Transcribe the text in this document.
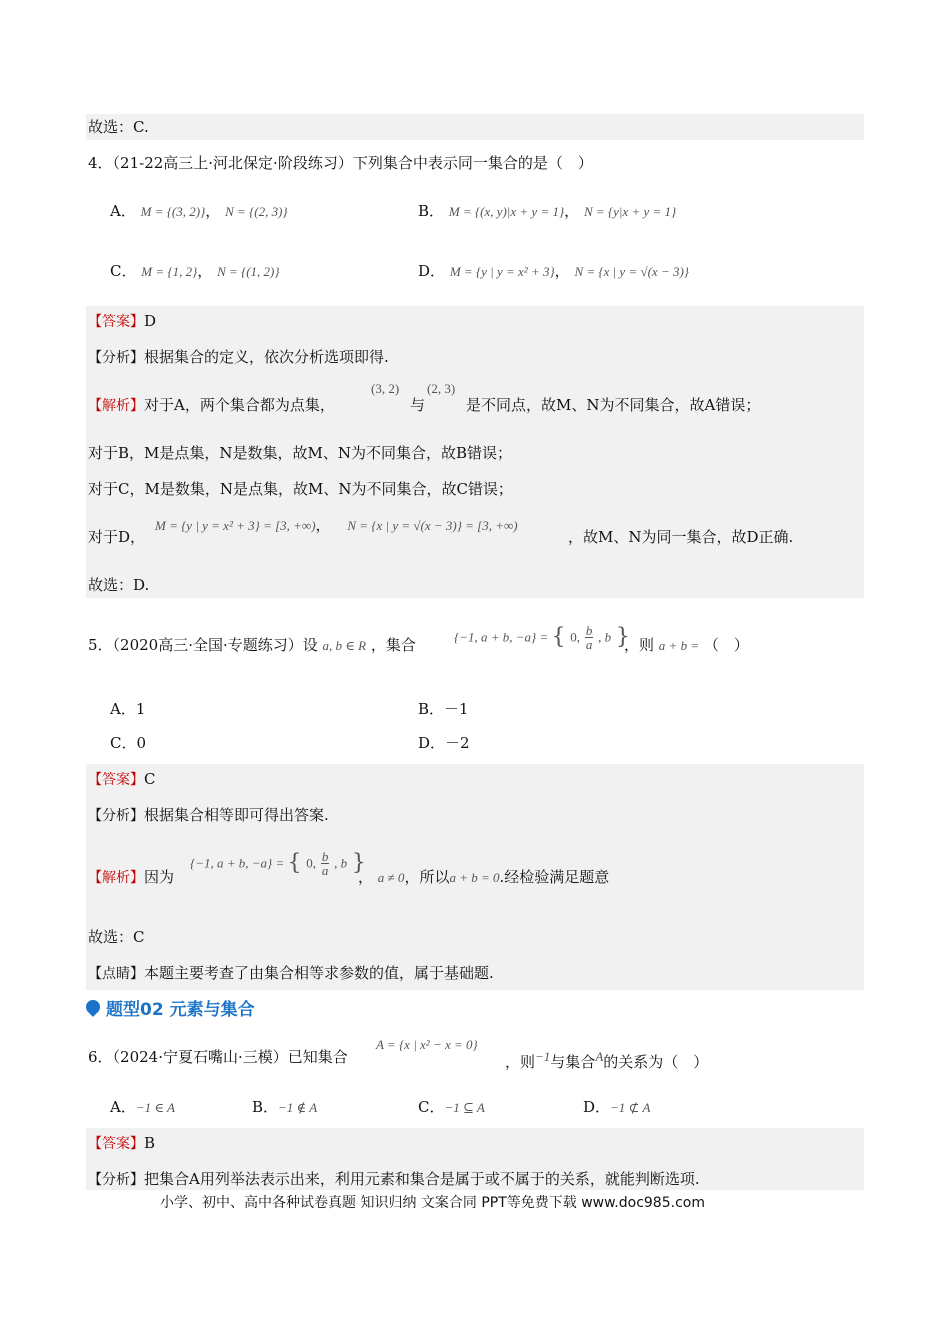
故选：C.
4．（21-22高三上·河北保定·阶段练习）下列集合中表示同一集合的是（　）
A． M = {(3, 2)}， N = {(2, 3)}	B． M = {(x, y)|x + y = 1}， N = {y|x + y = 1}
C． M = {1, 2}， N = {(1, 2)}	D． M = {y | y = x² + 3}， N = {x | y = √(x − 3)}
【答案】D
【分析】根据集合的定义，依次分析选项即得.
【解析】对于A，两个集合都为点集，
(3, 2)
与
(2, 3)
是不同点，故M、N为不同集合，故A错误；
对于B，M是点集，N是数集，故M、N为不同集合，故B错误；
对于C，M是数集，N是点集，故M、N为不同集合，故C错误；
对于D，
M = {y | y = x² + 3} = [3, +∞)， N = {x | y = √(x − 3)} = [3, +∞)
，故M、N为同一集合，故D正确.
故选：D.
5．（2020高三·全国·专题练习）设 a, b ∈ R ，集合	{−1, a + b, −a} = { 0, $\frac{b}{a}$ , b }
，则 a + b = （　）
A．1	B．－1
C．0	D．－2
【答案】C
【分析】根据集合相等即可得出答案.
【解析】因为
{−1, a + b, −a} = { 0, $\frac{b}{a}$ , b }
， a ≠ 0，所以a + b = 0.经检验满足题意
故选：C
【点睛】本题主要考查了由集合相等求参数的值，属于基础题.
题型02 元素与集合
6．（2024·宁夏石嘴山·三模）已知集合
A = {x | x² − x = 0}
，则−1与集合A的关系为（　）
A．−1 ∈ A	B．−1 ∉ A	C．−1 ⊆ A	D．−1 ⊄ A
【答案】B
【分析】把集合A用列举法表示出来，利用元素和集合是属于或不属于的关系，就能判断选项.
小学、初中、高中各种试卷真题 知识归纳 文案合同 PPT等免费下载 www.doc985.com
